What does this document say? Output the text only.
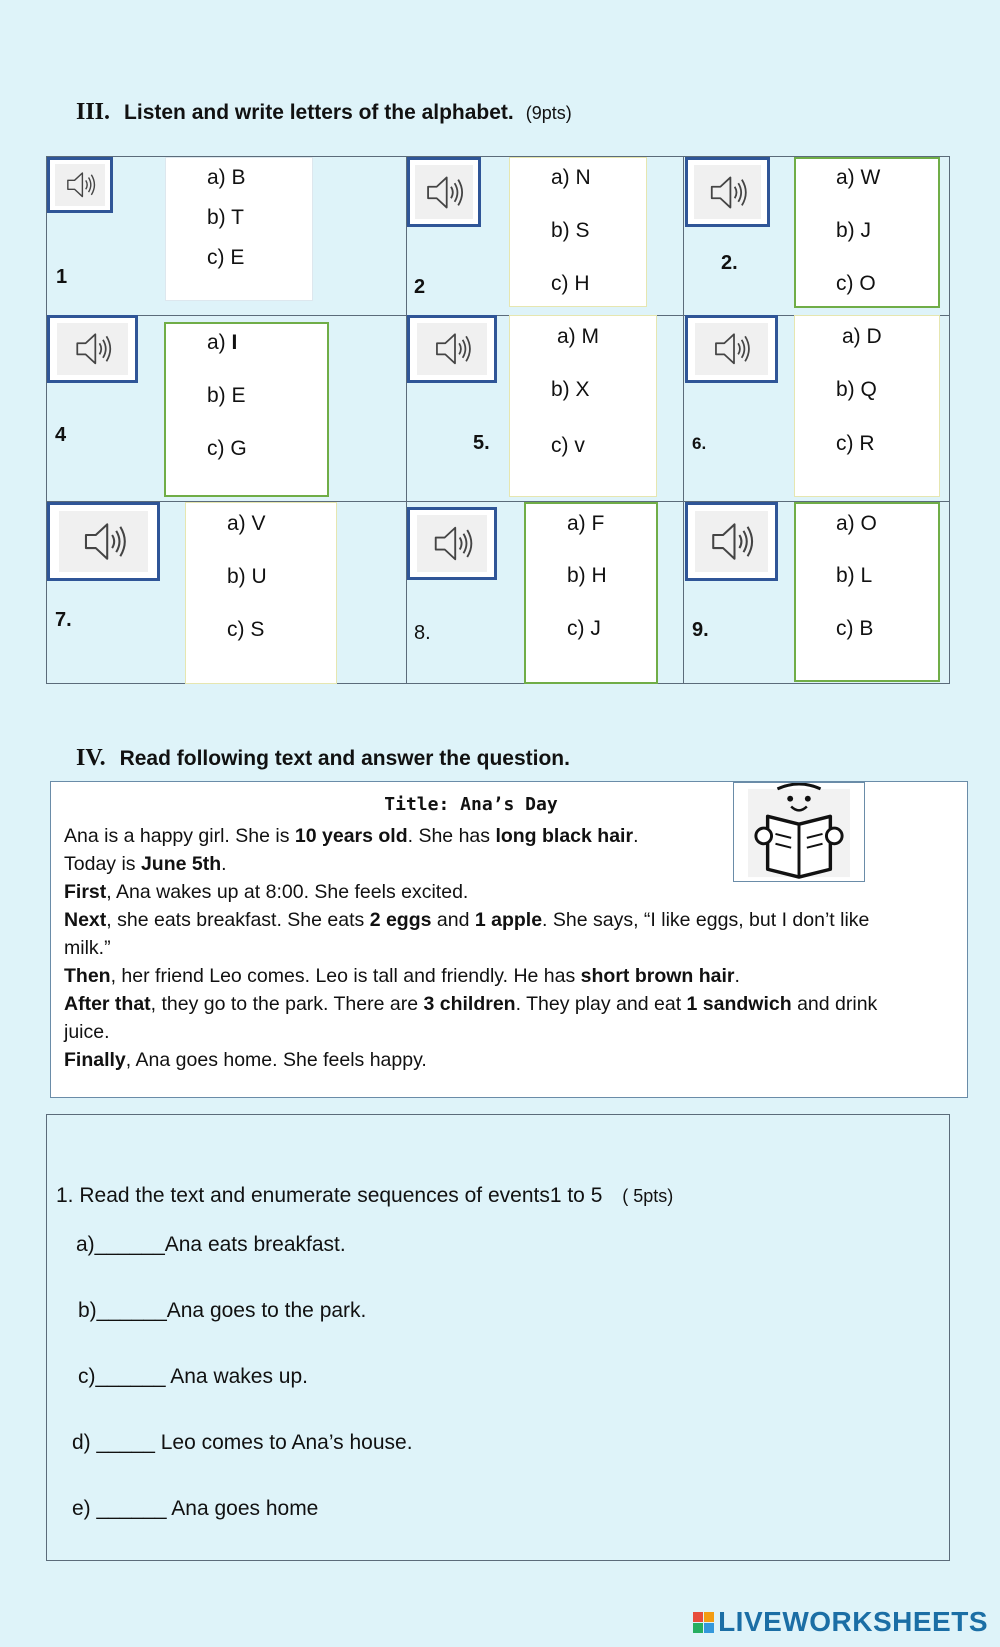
III. Listen and write letters of the alphabet. (9pts)
a) B
b) T
c) E
1
a) N
b) S
c) H
2
a) W
b) J
c) O
2.
a) I
b) E
c) G
4
a) M
b) X
c) v
5.
a) D
b) Q
c) R
6.
a) V
b) U
c) S
7.
a) F
b) H
c) J
8.
a) O
b) L
c) B
9.
IV. Read following text and answer the question.
Title: Ana’s Day
Ana is a happy girl. She is 10 years old. She has long black hair.
Today is June 5th.
First, Ana wakes up at 8:00. She feels excited.
Next, she eats breakfast. She eats 2 eggs and 1 apple. She says, “I like eggs, but I don’t like
milk.”
Then, her friend Leo comes. Leo is tall and friendly. He has short brown hair.
After that, they go to the park. There are 3 children. They play and eat 1 sandwich and drink
juice.
Finally, Ana goes home. She feels happy.
1. Read the text and enumerate sequences of events1 to 5 ( 5pts)
a)______Ana eats breakfast.
b)______Ana goes to the park.
c)______ Ana wakes up.
d) _____ Leo comes to Ana’s house.
e) ______ Ana goes home
LIVEWORKSHEETS
